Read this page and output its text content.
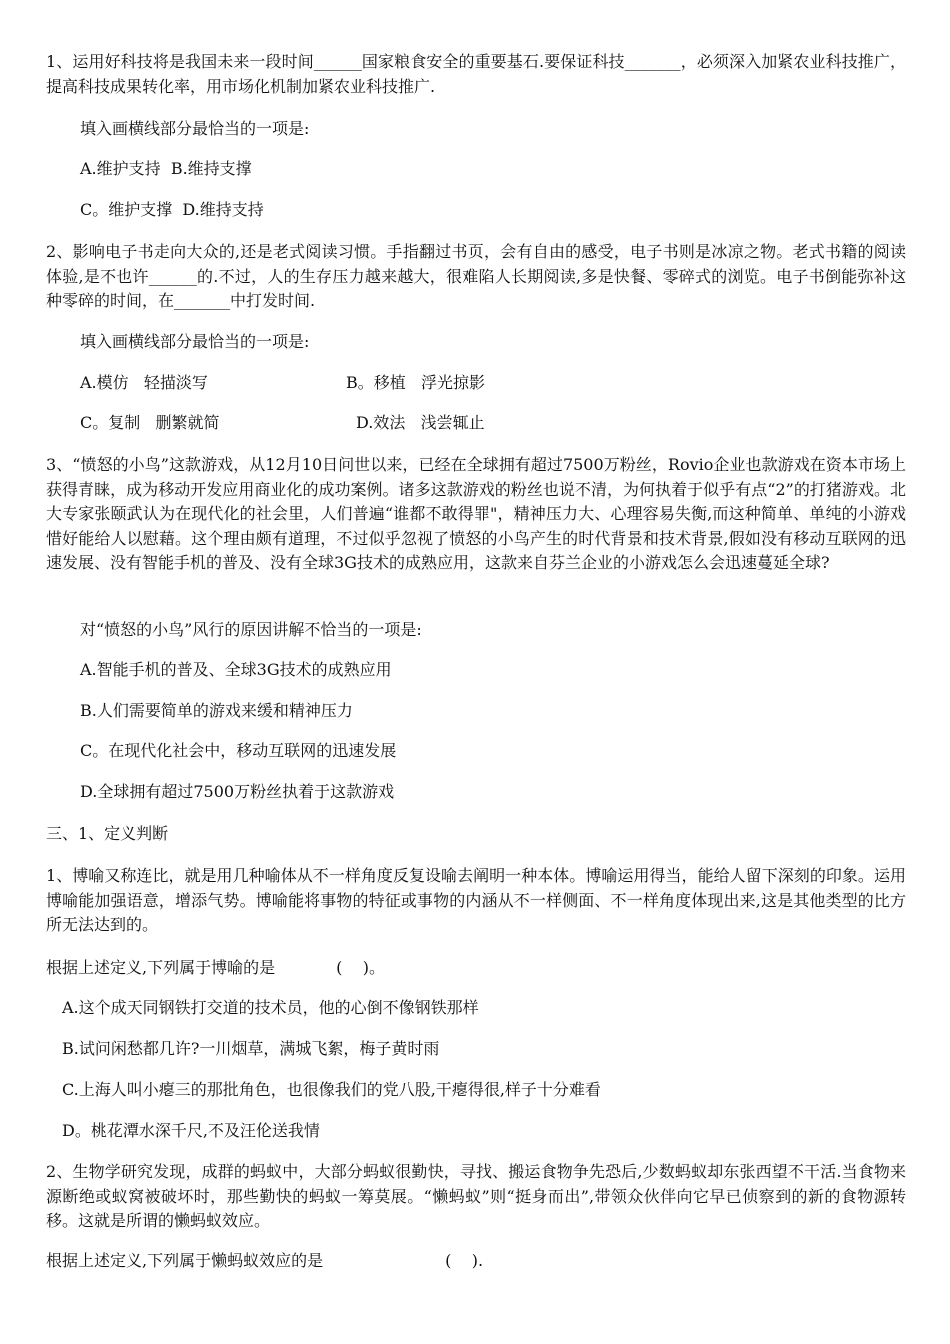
1、运用好科技将是我国未来一段时间______国家粮食安全的重要基石.要保证科技_______，必须深入加紧农业科技推广，提高科技成果转化率，用市场化机制加紧农业科技推广.

填入画横线部分最恰当的一项是:

A.维护支持  B.维持支撑

C。维护支撑  D.维持支持

2、影响电子书走向大众的,还是老式阅读习惯。手指翻过书页，会有自由的感受，电子书则是冰凉之物。老式书籍的阅读体验,是不也许______的.不过，人的生存压力越来越大，很难陷人长期阅读,多是快餐、零碎式的浏览。电子书倒能弥补这种零碎的时间，在_______中打发时间.

填入画横线部分最恰当的一项是:

A.模仿   轻描淡写	B。移植   浮光掠影

C。复制   删繁就简	D.效法   浅尝辄止

3、“愤怒的小鸟”这款游戏，从12月10日问世以来，已经在全球拥有超过7500万粉丝，Rovio企业也款游戏在资本市场上获得青睐，成为移动开发应用商业化的成功案例。诸多这款游戏的粉丝也说不清，为何执着于似乎有点“2”的打猪游戏。北大专家张颐武认为在现代化的社会里，人们普遍“谁都不敢得罪"，精神压力大、心理容易失衡,而这种简单、单纯的小游戏惜好能给人以慰藉。这个理由颇有道理，不过似乎忽视了愤怒的小鸟产生的时代背景和技术背景,假如没有移动互联网的迅速发展、没有智能手机的普及、没有全球3G技术的成熟应用，这款来自芬兰企业的小游戏怎么会迅速蔓延全球?

对“愤怒的小鸟”风行的原因讲解不恰当的一项是:

A.智能手机的普及、全球3G技术的成熟应用

B.人们需要简单的游戏来缓和精神压力

C。在现代化社会中，移动互联网的迅速发展

D.全球拥有超过7500万粉丝执着于这款游戏

三、1、定义判断

1、博喻又称连比，就是用几种喻体从不一样角度反复设喻去阐明一种本体。博喻运用得当，能给人留下深刻的印象。运用博喻能加强语意，增添气势。博喻能将事物的特征或事物的内涵从不一样侧面、不一样角度体现出来,这是其他类型的比方所无法达到的。

根据上述定义,下列属于博喻的是            (    )。

A.这个成天同钢铁打交道的技术员，他的心倒不像钢铁那样

B.试问闲愁都几许?一川烟草，满城飞絮，梅子黄时雨

C.上海人叫小瘪三的那批角色，也很像我们的党八股,干瘪得很,样子十分难看

D。桃花潭水深千尺,不及汪伦送我情

2、生物学研究发现，成群的蚂蚁中，大部分蚂蚁很勤快，寻找、搬运食物争先恐后,少数蚂蚁却东张西望不干活.当食物来源断绝或蚁窝被破坏时，那些勤快的蚂蚁一筹莫展。“懒蚂蚁”则“挺身而出”,带领众伙伴向它早已侦察到的新的食物源转移。这就是所谓的懒蚂蚁效应。

根据上述定义,下列属于懒蚂蚁效应的是                        (    ).
